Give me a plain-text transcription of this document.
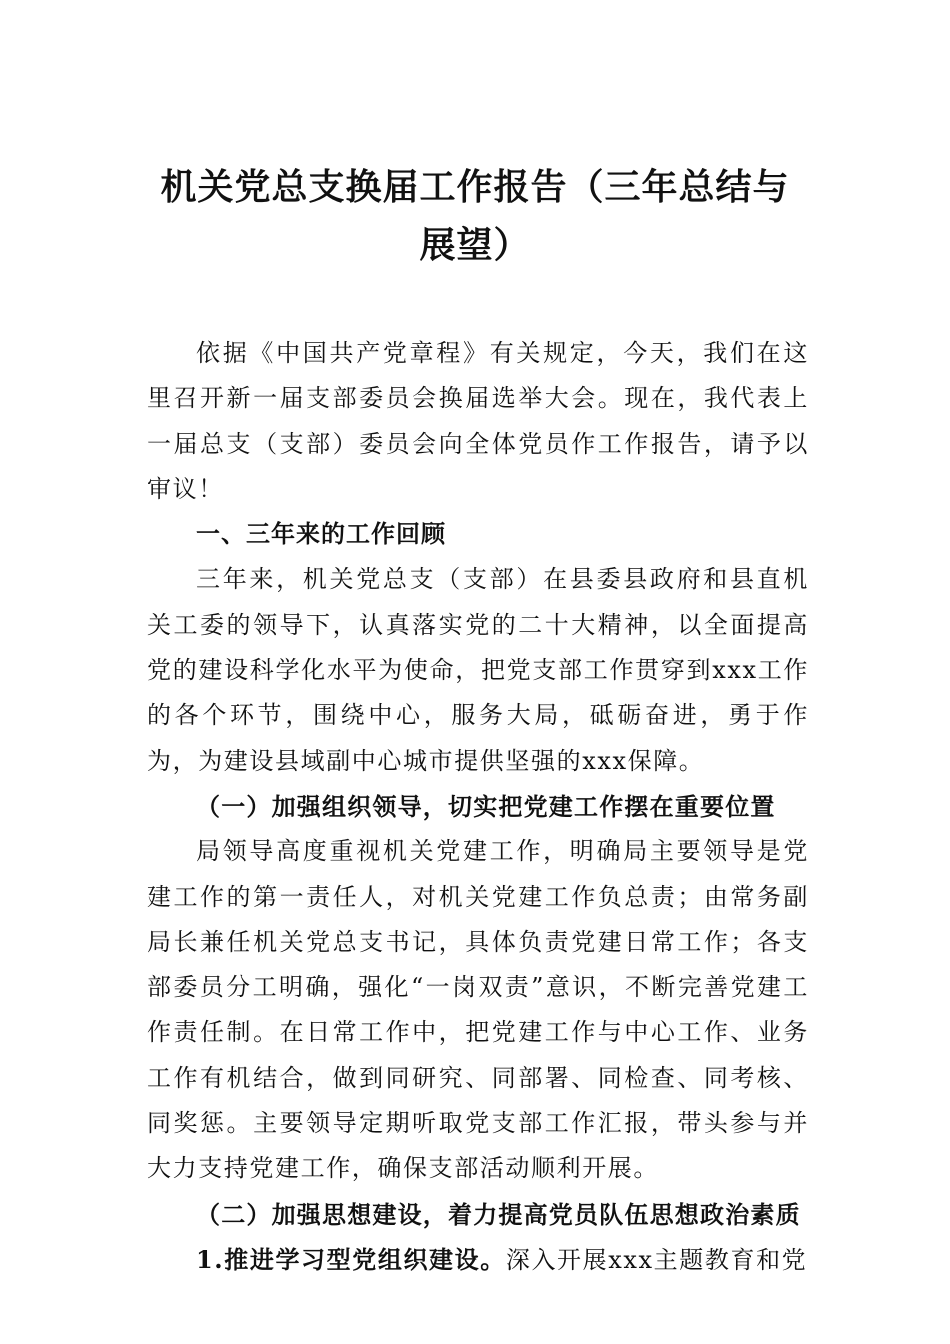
机关党总支换届工作报告（三年总结与展望）

依据《中国共产党章程》有关规定，今天，我们在这里召开新一届支部委员会换届选举大会。现在，我代表上一届总支（支部）委员会向全体党员作工作报告，请予以审议！

一、三年来的工作回顾

三年来，机关党总支（支部）在县委县政府和县直机关工委的领导下，认真落实党的二十大精神，以全面提高党的建设科学化水平为使命，把党支部工作贯穿到xxx工作的各个环节，围绕中心，服务大局，砥砺奋进，勇于作为，为建设县域副中心城市提供坚强的xxx保障。

（一）加强组织领导，切实把党建工作摆在重要位置

局领导高度重视机关党建工作，明确局主要领导是党建工作的第一责任人，对机关党建工作负总责；由常务副局长兼任机关党总支书记，具体负责党建日常工作；各支部委员分工明确，强化“一岗双责”意识，不断完善党建工作责任制。在日常工作中，把党建工作与中心工作、业务工作有机结合，做到同研究、同部署、同检查、同考核、同奖惩。主要领导定期听取党支部工作汇报，带头参与并大力支持党建工作，确保支部活动顺利开展。

（二）加强思想建设，着力提高党员队伍思想政治素质

1.推进学习型党组织建设。深入开展xxx主题教育和党
